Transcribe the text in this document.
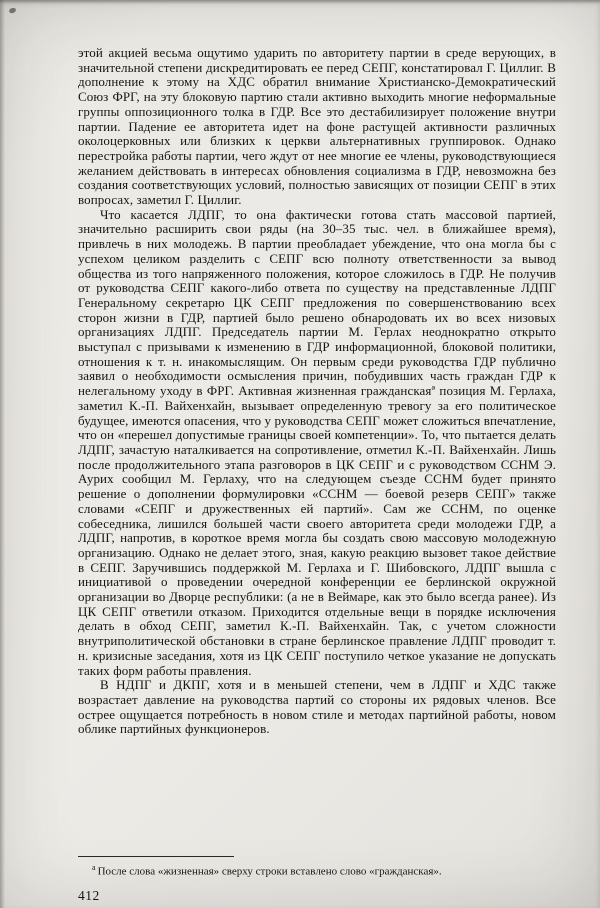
этой акцией весьма ощутимо ударить по авторитету партии в среде верующих, в значительной степени дискредитировать ее перед СЕПГ, констатировал Г. Циллиг. В дополнение к этому на ХДС обратил внимание Христианско-Демократический Союз ФРГ, на эту блоковую партию стали активно выходить многие неформальные группы оппозиционного толка в ГДР. Все это дестабилизирует положение внутри партии. Падение ее авторитета идет на фоне растущей активности различных околоцерковных или близких к церкви альтернативных группировок. Однако перестройка работы партии, чего ждут от нее многие ее члены, руководствующиеся желанием действовать в интересах обновления социализма в ГДР, невозможна без создания соответствующих условий, полностью зависящих от позиции СЕПГ в этих вопросах, заметил Г. Циллиг.

Что касается ЛДПГ, то она фактически готова стать массовой партией, значительно расширить свои ряды (на 30–35 тыс. чел. в ближайшее время), привлечь в них молодежь. В партии преобладает убеждение, что она могла бы с успехом целиком разделить с СЕПГ всю полноту ответственности за вывод общества из того напряженного положения, которое сложилось в ГДР. Не получив от руководства СЕПГ какого-либо ответа по существу на представленные ЛДПГ Генеральному секретарю ЦК СЕПГ предложения по совершенствованию всех сторон жизни в ГДР, партией было решено обнародовать их во всех низовых организациях ЛДПГ. Председатель партии М. Герлах неоднократно открыто выступал с призывами к изменению в ГДР информационной, блоковой политики, отношения к т. н. инакомыслящим. Он первым среди руководства ГДР публично заявил о необходимости осмысления причин, побудивших часть граждан ГДР к нелегальному уходу в ФРГ. Активная жизненная гражданскаяª позиция М. Герлаха, заметил К.-П. Вайхенхайн, вызывает определенную тревогу за его политическое будущее, имеются опасения, что у руководства СЕПГ может сложиться впечатление, что он «перешел допустимые границы своей компетенции». То, что пытается делать ЛДПГ, зачастую наталкивается на сопротивление, отметил К.-П. Вайхенхайн. Лишь после продолжительного этапа разговоров в ЦК СЕПГ и с руководством ССНМ Э. Аурих сообщил М. Герлаху, что на следующем съезде ССНМ будет принято решение о дополнении формулировки «ССНМ — боевой резерв СЕПГ» также словами «СЕПГ и дружественных ей партий». Сам же ССНМ, по оценке собеседника, лишился большей части своего авторитета среди молодежи ГДР, а ЛДПГ, напротив, в короткое время могла бы создать свою массовую молодежную организацию. Однако не делает этого, зная, какую реакцию вызовет такое действие в СЕПГ. Заручившись поддержкой М. Герлаха и Г. Шибовского, ЛДПГ вышла с инициативой о проведении очередной конференции ее берлинской окружной организации во Дворце республики: (а не в Веймаре, как это было всегда ранее). Из ЦК СЕПГ ответили отказом. Приходится отдельные вещи в порядке исключения делать в обход СЕПГ, заметил К.-П. Вайхенхайн. Так, с учетом сложности внутриполитической обстановки в стране берлинское правление ЛДПГ проводит т. н. кризисные заседания, хотя из ЦК СЕПГ поступило четкое указание не допускать таких форм работы правления.

В НДПГ и ДКПГ, хотя и в меньшей степени, чем в ЛДПГ и ХДС также возрастает давление на руководства партий со стороны их рядовых членов. Все острее ощущается потребность в новом стиле и методах партийной работы, новом облике партийных функционеров.

$^а$ После слова «жизненная» сверху строки вставлено слово «гражданская».
412
